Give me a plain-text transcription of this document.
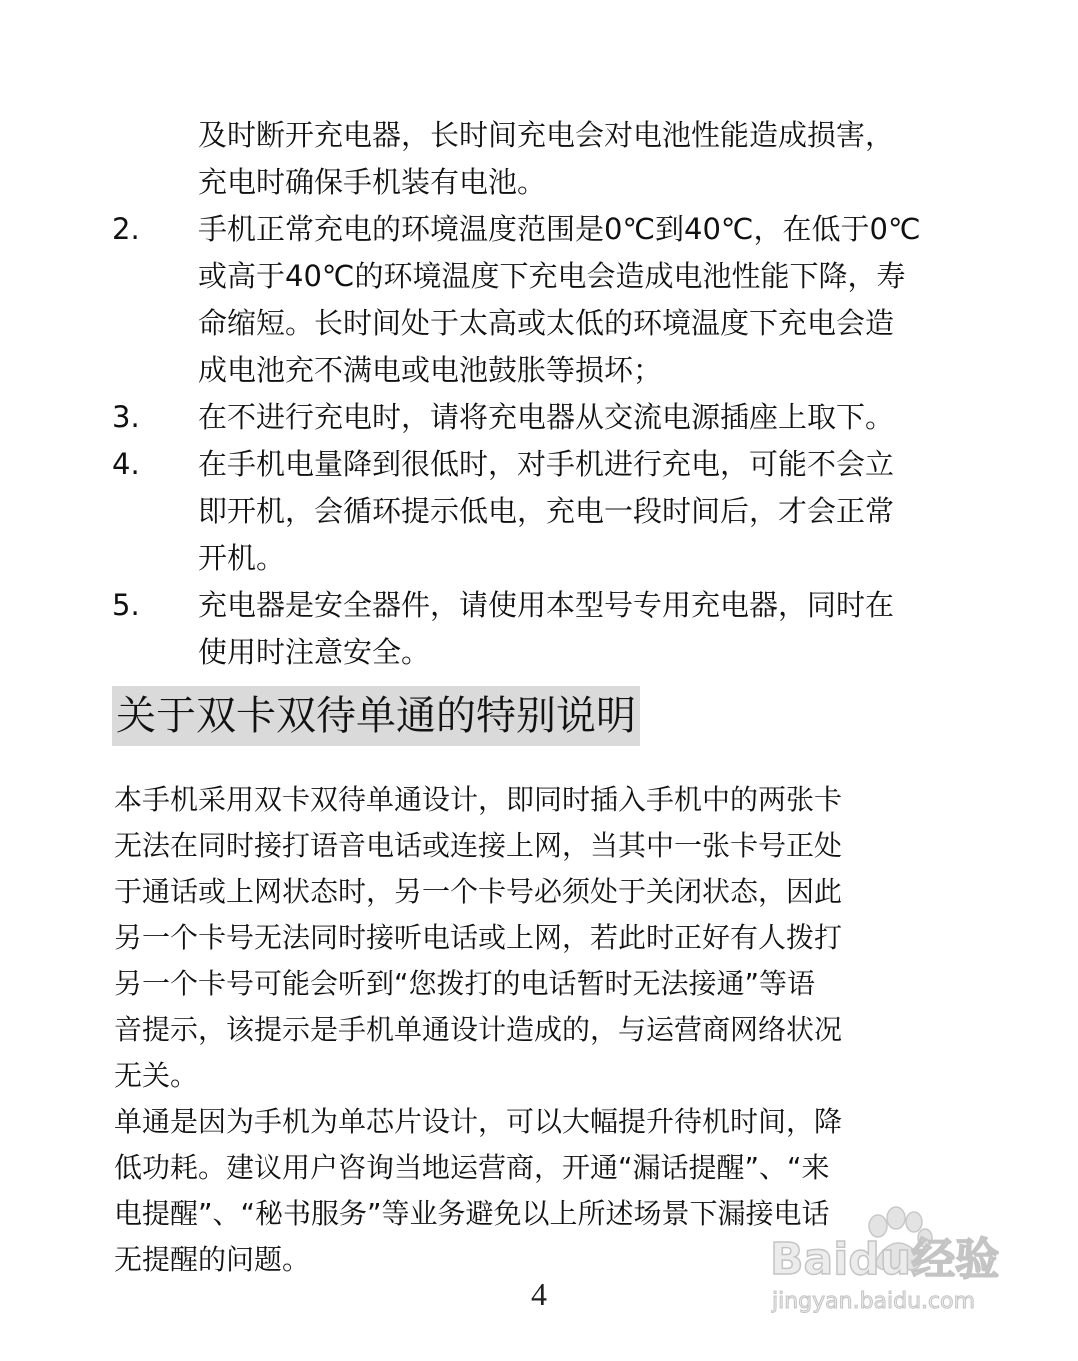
及时断开充电器，长时间充电会对电池性能造成损害，
充电时确保手机装有电池。
2.	手机正常充电的环境温度范围是0℃到40℃，在低于0℃
或高于40℃的环境温度下充电会造成电池性能下降，寿
命缩短。长时间处于太高或太低的环境温度下充电会造
成电池充不满电或电池鼓胀等损坏；
3.	在不进行充电时，请将充电器从交流电源插座上取下。
4.	在手机电量降到很低时，对手机进行充电，可能不会立
即开机，会循环提示低电，充电一段时间后，才会正常
开机。
5.	充电器是安全器件，请使用本型号专用充电器，同时在
使用时注意安全。
关于双卡双待单通的特别说明
本手机采用双卡双待单通设计，即同时插入手机中的两张卡
无法在同时接打语音电话或连接上网，当其中一张卡号正处
于通话或上网状态时，另一个卡号必须处于关闭状态，因此
另一个卡号无法同时接听电话或上网，若此时正好有人拨打
另一个卡号可能会听到“您拨打的电话暂时无法接通”等语
音提示，该提示是手机单通设计造成的，与运营商网络状况
无关。
单通是因为手机为单芯片设计，可以大幅提升待机时间，降
低功耗。建议用户咨询当地运营商，开通“漏话提醒”、“来
电提醒”、“秘书服务”等业务避免以上所述场景下漏接电话
无提醒的问题。
4
Baidu经验
jingyan.baidu.com
